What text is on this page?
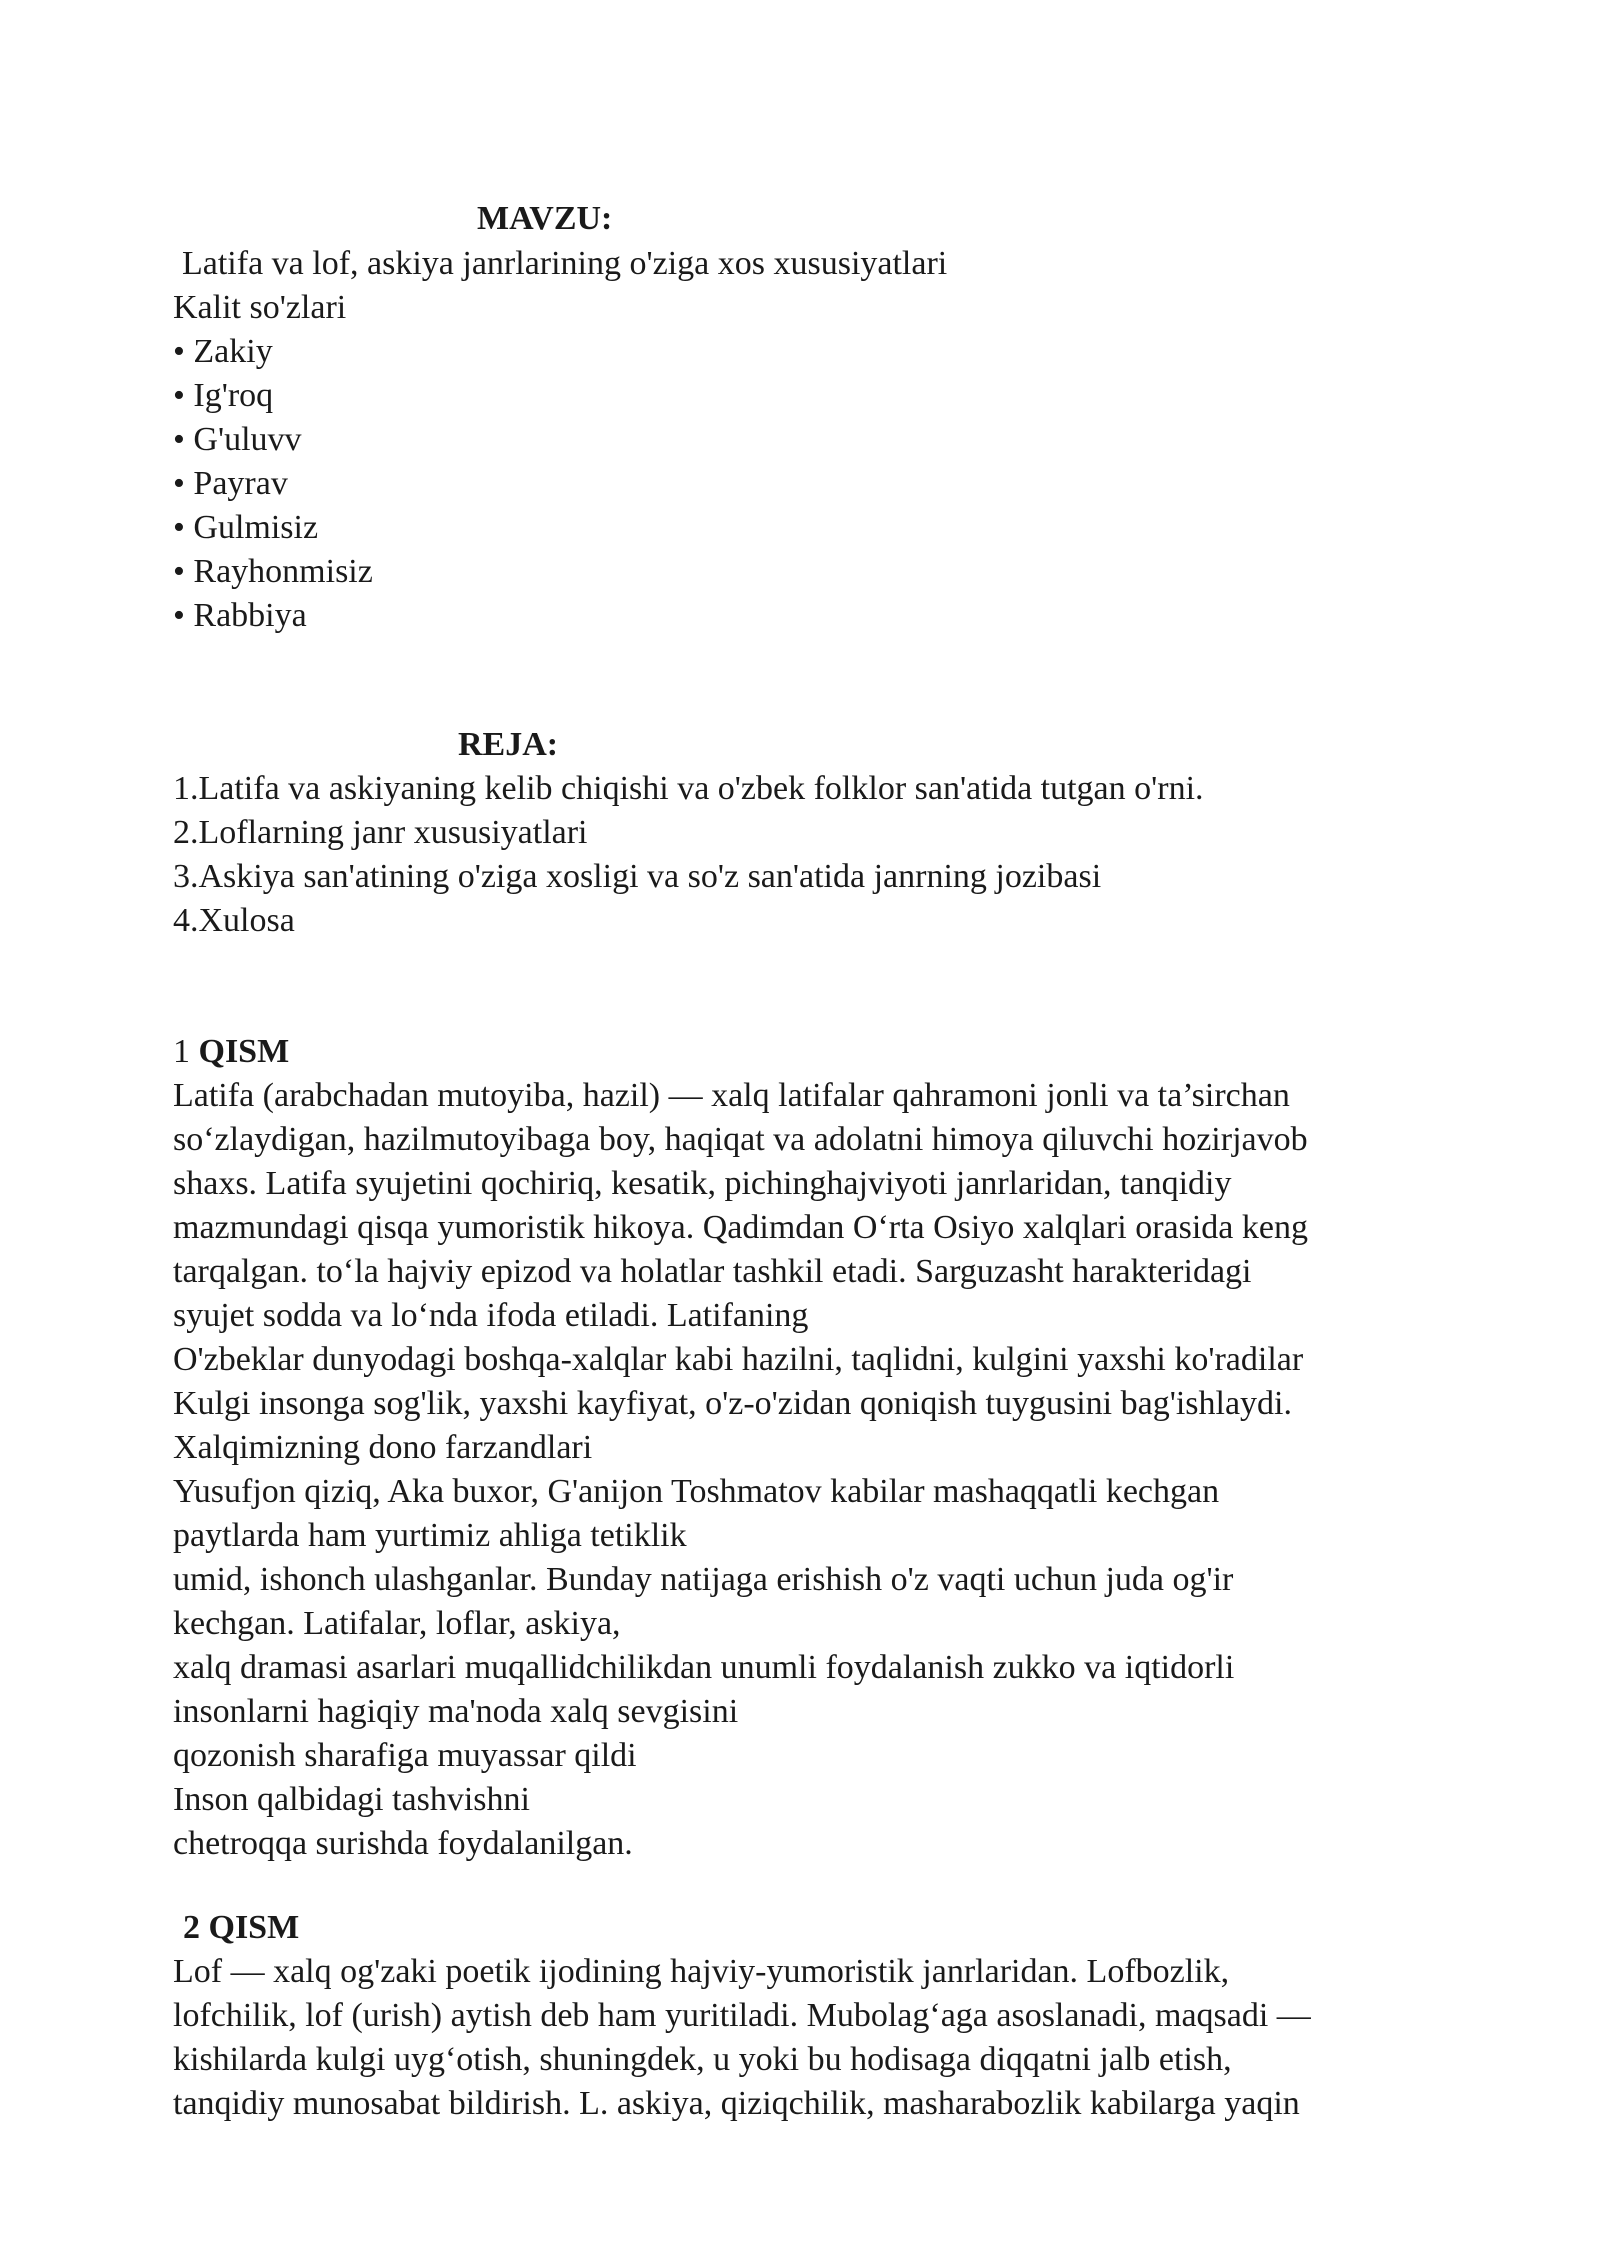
MAVZU:

Latifa va lof, askiya janrlarining o'ziga xos xususiyatlari

Kalit so'zlari

• Zakiy

• Ig'roq

• G'uluvv

• Payrav

• Gulmisiz

• Rayhonmisiz

• Rabbiya

REJA:

1.Latifa va askiyaning kelib chiqishi va o'zbek folklor san'atida tutgan o'rni.

2.Loflarning janr xususiyatlari

3.Askiya san'atining o'ziga xosligi va so'z san'atida janrning jozibasi

4.Xulosa

1 QISM

Latifa (arabchadan mutoyiba, hazil) — xalq latifalar qahramoni jonli va ta’sirchan

so‘zlaydigan, hazilmutoyibaga boy, haqiqat va adolatni himoya qiluvchi hozirjavob

shaxs. Latifa syujetini qochiriq, kesatik, pichinghajviyoti janrlaridan, tanqidiy

mazmundagi qisqa yumoristik hikoya. Qadimdan O‘rta Osiyo xalqlari orasida keng

tarqalgan. to‘la hajviy epizod va holatlar tashkil etadi. Sarguzasht harakteridagi

syujet sodda va lo‘nda ifoda etiladi. Latifaning

O'zbeklar dunyodagi boshqa-xalqlar kabi hazilni, taqlidni, kulgini yaxshi ko'radilar

Kulgi insonga sog'lik, yaxshi kayfiyat, o'z-o'zidan qoniqish tuygusini bag'ishlaydi.

Xalqimizning dono farzandlari

Yusufjon qiziq, Aka buxor, G'anijon Toshmatov kabilar mashaqqatli kechgan

paytlarda ham yurtimiz ahliga tetiklik

umid, ishonch ulashganlar. Bunday natijaga erishish o'z vaqti uchun juda og'ir

kechgan. Latifalar, loflar, askiya,

xalq dramasi asarlari muqallidchilikdan unumli foydalanish zukko va iqtidorli

insonlarni hagiqiy ma'noda xalq sevgisini

qozonish sharafiga muyassar qildi

Inson qalbidagi tashvishni

chetroqqa surishda foydalanilgan.

2 QISM

Lof — xalq og'zaki poetik ijodining hajviy-yumoristik janrlaridan. Lofbozlik,

lofchilik, lof (urish) aytish deb ham yuritiladi. Mubolag‘aga asoslanadi, maqsadi —

kishilarda kulgi uyg‘otish, shuningdek, u yoki bu hodisaga diqqatni jalb etish,

tanqidiy munosabat bildirish. L. askiya, qiziqchilik, masharabozlik kabilarga yaqin
